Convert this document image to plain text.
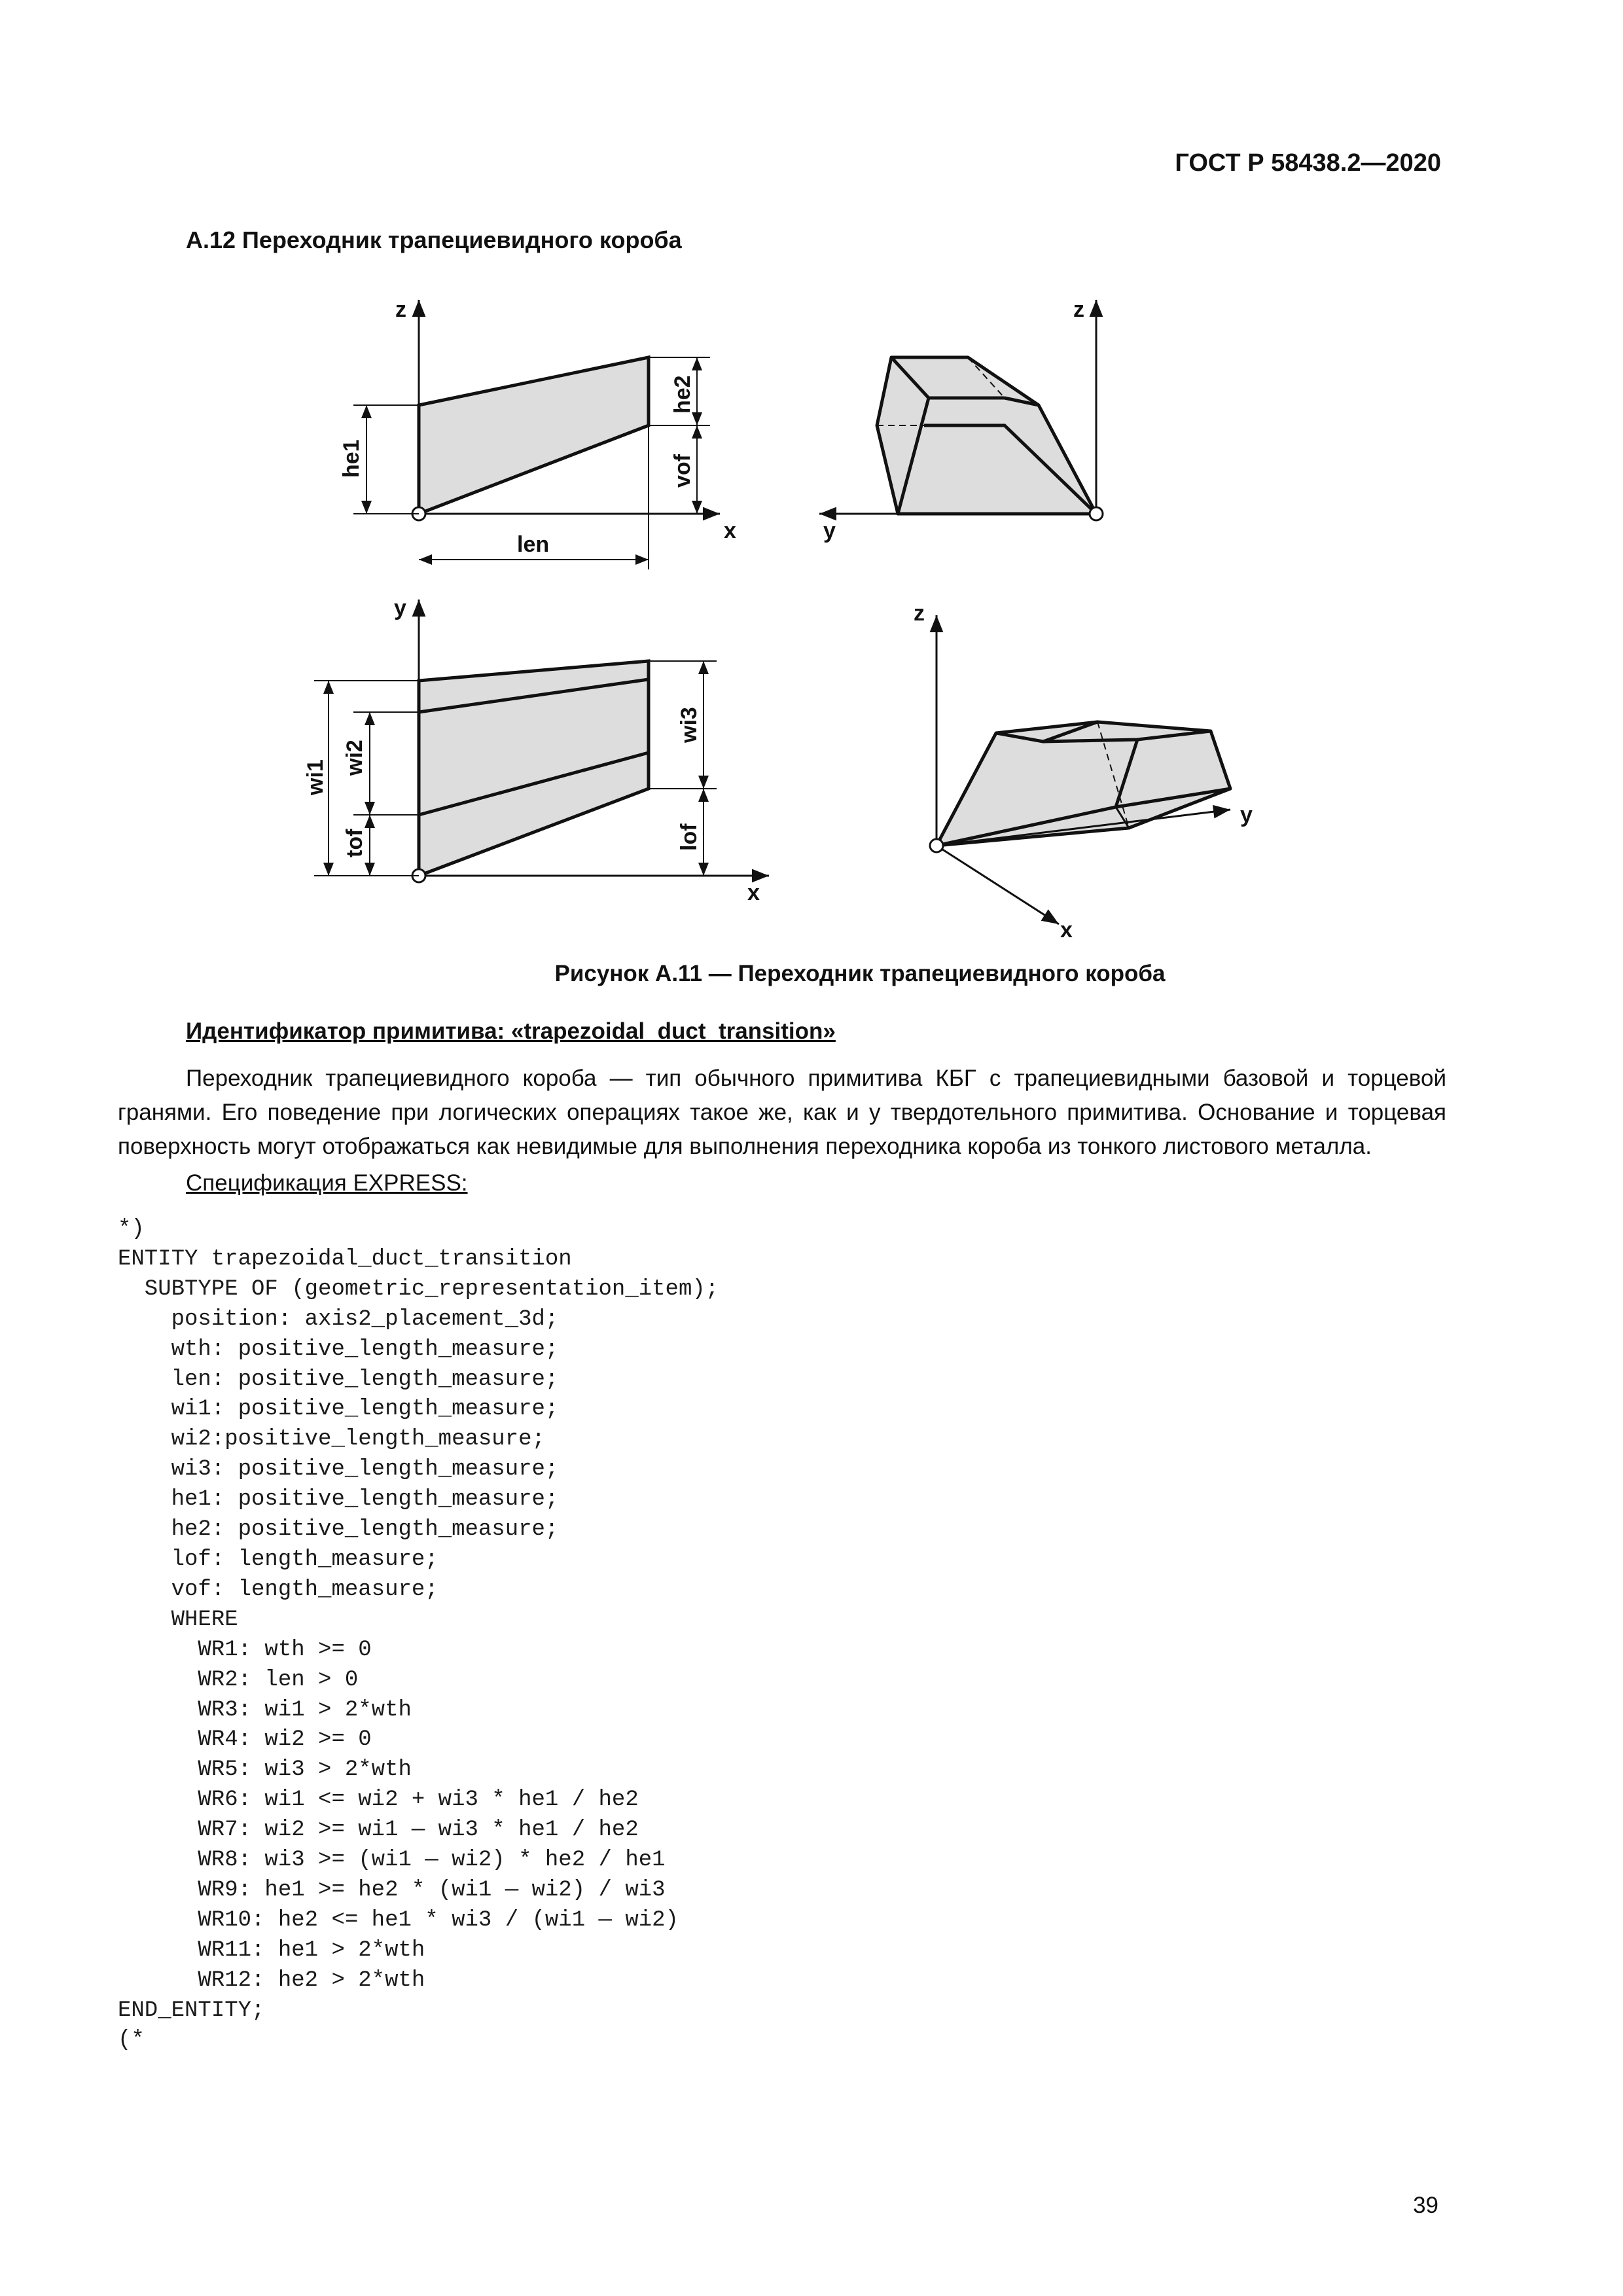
ГОСТ Р 58438.2—2020
A.12 Переходник трапециевидного короба
z
x
he1
he2
vof
len
z
y
y
x
wi1
wi2
tof
wi3
lof
z
y
x
Рисунок А.11 — Переходник трапециевидного короба
Идентификатор примитива: «trapezoidal_duct_transition»
Переходник трапециевидного короба — тип обычного примитива КБГ с трапециевидными базовой и торцевой гранями. Его поведение при логических операциях такое же, как и у твердотельного примитива. Основание и торцевая поверхность могут отображаться как невидимые для выполнения переходника короба из тонкого листового металла.
Спецификация EXPRESS:
*)
ENTITY trapezoidal_duct_transition
SUBTYPE OF (geometric_representation_item);
position: axis2_placement_3d;
wth: positive_length_measure;
len: positive_length_measure;
wi1: positive_length_measure;
wi2:positive_length_measure;
wi3: positive_length_measure;
he1: positive_length_measure;
he2: positive_length_measure;
lof: length_measure;
vof: length_measure;
WHERE
WR1: wth >= 0
WR2: len > 0
WR3: wi1 > 2*wth
WR4: wi2 >= 0
WR5: wi3 > 2*wth
WR6: wi1 <= wi2 + wi3 * he1 / he2
WR7: wi2 >= wi1 — wi3 * he1 / he2
WR8: wi3 >= (wi1 — wi2) * he2 / he1
WR9: he1 >= he2 * (wi1 — wi2) / wi3
WR10: he2 <= he1 * wi3 / (wi1 — wi2)
WR11: he1 > 2*wth
WR12: he2 > 2*wth
END_ENTITY;
(*
39
